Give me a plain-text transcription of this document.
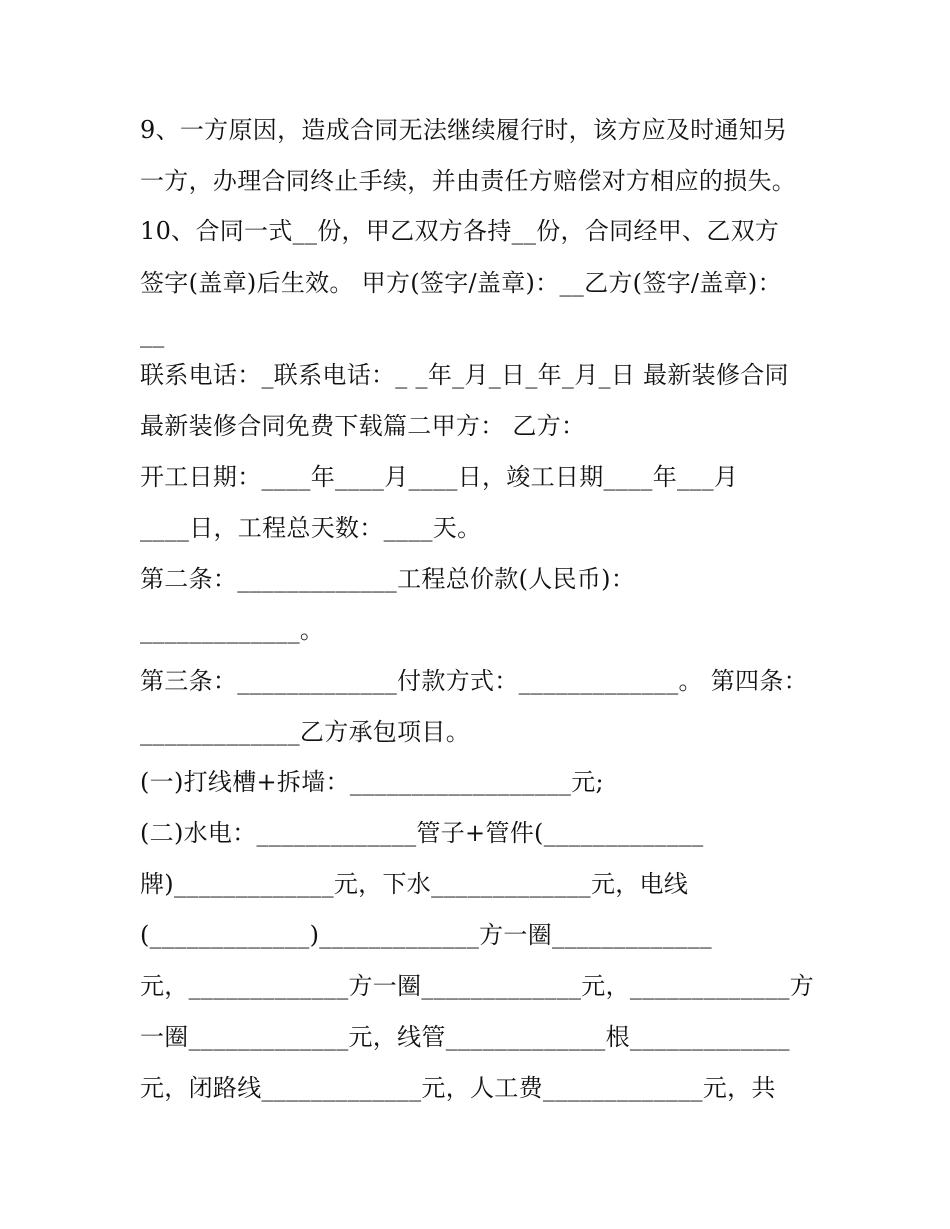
9、一方原因，造成合同无法继续履行时，该方应及时通知另
一方，办理合同终止手续，并由责任方赔偿对方相应的损失。
10、合同一式__份，甲乙双方各持__份，合同经甲、乙双方
签字(盖章)后生效。 甲方(签字/盖章)：__乙方(签字/盖章)：
__
联系电话：_联系电话：_ _年_月_日_年_月_日 最新装修合同
最新装修合同免费下载篇二甲方： 乙方：
开工日期：____年____月____日，竣工日期____年___月
____日，工程总天数：____天。
第二条：_____________工程总价款(人民币)：
_____________。
第三条：_____________付款方式：_____________。 第四条：
_____________乙方承包项目。
(一)打线槽+拆墙：__________________元;
(二)水电：_____________管子+管件(_____________
牌)_____________元，下水_____________元，电线
(_____________)_____________方一圈_____________
元，_____________方一圈_____________元，_____________方
一圈_____________元，线管_____________根_____________
元，闭路线_____________元，人工费_____________元，共
